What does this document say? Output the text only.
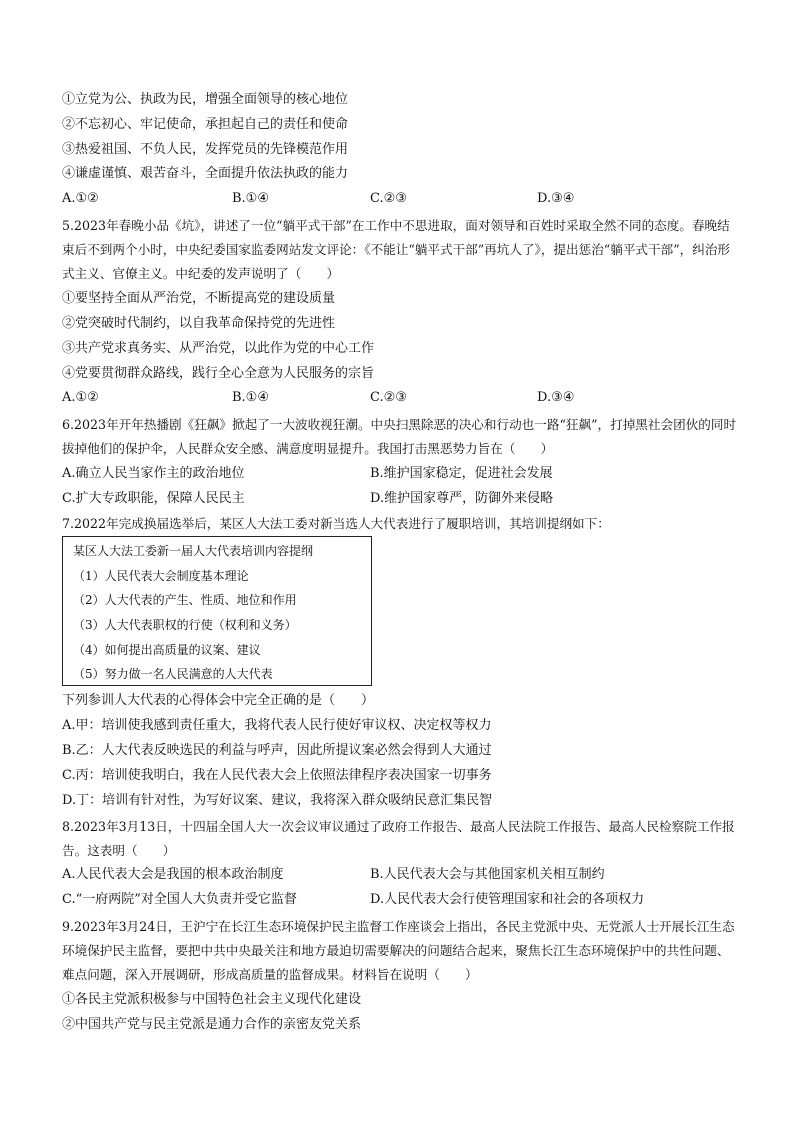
①立党为公、执政为民，增强全面领导的核心地位
②不忘初心、牢记使命，承担起自己的责任和使命
③热爱祖国、不负人民，发挥党员的先锋模范作用
④谦虚谨慎、艰苦奋斗，全面提升依法执政的能力
A.①②	B.①④	C.②③	D.③④
5.2023年春晚小品《坑》，讲述了一位“躺平式干部”在工作中不思进取，面对领导和百姓时采取全然不同的态度。春晚结束后不到两个小时，中央纪委国家监委网站发文评论：《不能让“躺平式干部”再坑人了》，提出惩治“躺平式干部”，纠治形式主义、官僚主义。中纪委的发声说明了（　　）
①要坚持全面从严治党，不断提高党的建设质量
②党突破时代制约，以自我革命保持党的先进性
③共产党求真务实、从严治党，以此作为党的中心工作
④党要贯彻群众路线，践行全心全意为人民服务的宗旨
A.①②	B.①④	C.②③	D.③④
6.2023年开年热播剧《狂飙》掀起了一大波收视狂潮。中央扫黑除恶的决心和行动也一路“狂飙”，打掉黑社会团伙的同时拔掉他们的保护伞，人民群众安全感、满意度明显提升。我国打击黑恶势力旨在（　　）
A.确立人民当家作主的政治地位	B.维护国家稳定，促进社会发展
C.扩大专政职能，保障人民民主	D.维护国家尊严，防御外来侵略
7.2022年完成换届选举后，某区人大法工委对新当选人大代表进行了履职培训，其培训提纲如下：
某区人大法工委新一届人大代表培训内容提纲
（1）人民代表大会制度基本理论
（2）人大代表的产生、性质、地位和作用
（3）人大代表职权的行使（权利和义务）
（4）如何提出高质量的议案、建议
（5）努力做一名人民满意的人大代表
下列参训人大代表的心得体会中完全正确的是（　　）
A.甲：培训使我感到责任重大，我将代表人民行使好审议权、决定权等权力
B.乙：人大代表反映选民的利益与呼声，因此所提议案必然会得到人大通过
C.丙：培训使我明白，我在人民代表大会上依照法律程序表决国家一切事务
D.丁：培训有针对性，为写好议案、建议，我将深入群众吸纳民意汇集民智
8.2023年3月13日，十四届全国人大一次会议审议通过了政府工作报告、最高人民法院工作报告、最高人民检察院工作报告。这表明（　　）
A.人民代表大会是我国的根本政治制度	B.人民代表大会与其他国家机关相互制约
C.“一府两院”对全国人大负责并受它监督	D.人民代表大会行使管理国家和社会的各项权力
9.2023年3月24日，王沪宁在长江生态环境保护民主监督工作座谈会上指出，各民主党派中央、无党派人士开展长江生态环境保护民主监督，要把中共中央最关注和地方最迫切需要解决的问题结合起来，聚焦长江生态环境保护中的共性问题、难点问题，深入开展调研，形成高质量的监督成果。材料旨在说明（　　）
①各民主党派积极参与中国特色社会主义现代化建设
②中国共产党与民主党派是通力合作的亲密友党关系
